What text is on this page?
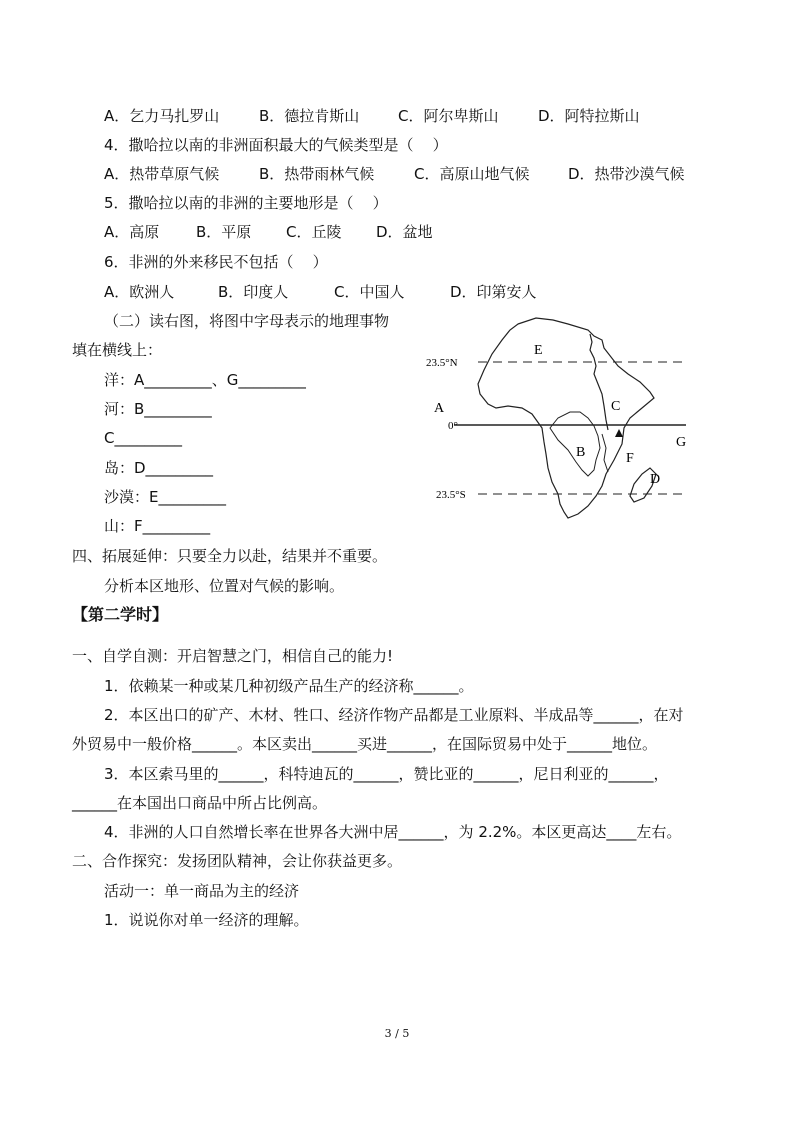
A．乞力马扎罗山	B．德拉肯斯山	C．阿尔卑斯山	D．阿特拉斯山
4．撒哈拉以南的非洲面积最大的气候类型是（    ）
A．热带草原气候	B．热带雨林气候	C．高原山地气候	D．热带沙漠气候
5．撒哈拉以南的非洲的主要地形是（    ）
A．高原 B．平原 C．丘陵 D．盆地
6．非洲的外来移民不包括（    ）
A．欧洲人	B．印度人	C．中国人	D．印第安人
（二）读右图，将图中字母表示的地理事物
填在横线上：
洋：A_________、G_________
河：B_________
C_________
岛：D_________
沙漠：E_________
山：F_________
23.5°N
0°
23.5°S
A
B
C
D
E
F
G
四、拓展延伸：只要全力以赴，结果并不重要。
分析本区地形、位置对气候的影响。
【第二学时】
一、自学自测：开启智慧之门，相信自己的能力!
1．依赖某一种或某几种初级产品生产的经济称______。
2．本区出口的矿产、木材、牲口、经济作物产品都是工业原料、半成品等______，在对
外贸易中一般价格______。本区卖出______买进______，在国际贸易中处于______地位。
3．本区索马里的______，科特迪瓦的______，赞比亚的______，尼日利亚的______，
______在本国出口商品中所占比例高。
4．非洲的人口自然增长率在世界各大洲中居______，为 2.2%。本区更高达____左右。
二、合作探究：发扬团队精神，会让你获益更多。
活动一：单一商品为主的经济
1．说说你对单一经济的理解。
3 / 5
